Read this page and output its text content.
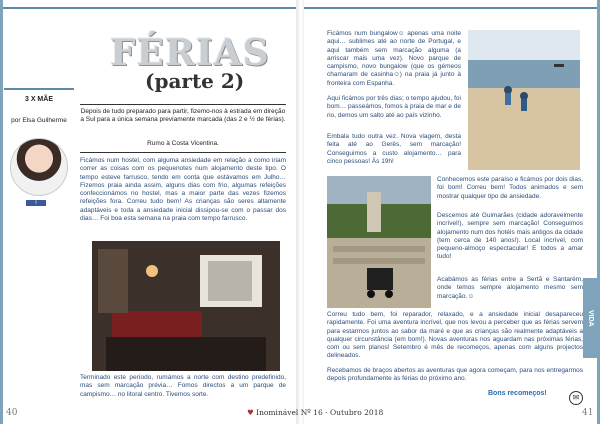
FÉRIAS
(parte 2)
3 X MÃE
por Elsa Guilherme
f
Depois de tudo preparado para partir, fizemo-nos à estrada em direção a Sul para a única semana previamente marcada (das 2 e ½ de férias).
Rumo à Costa Vicentina.
Ficámos num hostel, com alguma ansiedade em relação a como iriam correr as coisas com os pequenotes num alojamento deste tipo. O tempo esteve farrusco, tendo em conta que estávamos em Julho… Fizemos praia ainda assim, alguns dias com frio, algumas refeições confeccionámos no hostel, mas a maior parte das vezes fizemos refeições fora. Correu tudo bem! As crianças são seres altamente adaptáveis e toda a ansiedade inicial dissipou-se com o passar dos dias… Foi boa esta semana na praia com tempo farrusco.
Terminado este período, rumámos a norte com destino predefinido, mas sem marcação prévia… Fomos directos a um parque de campismo… no litoral centro. Tivemos sorte.
40
Ficámos num bungalow☺ apenas uma noite aqui… sublimes até ao norte de Portugal, e aqui também sem marcação alguma (a arriscar mais uma vez). Novo parque de campismo, novo bungalow (que os gémeos chamaram de casinha☺) na praia já junto à fronteira com Espanha.
Aqui ficámos por três dias; o tempo ajudou, foi bom… passeámos, fomos à praia de mar e de rio, demos um salto até ao país vizinho.
Embala tudo outra vez. Nova viagem, desta feita até ao Gerês, sem marcação! Conseguimos a custo alojamento… para cinco pessoas! Às 19h!
Conhecemos este paraíso e ficámos por dois dias, foi bom! Correu bem! Todos animados e sem mostrar qualquer tipo de ansiedade.
Descemos até Guimarães (cidade adoravelmente incrível!), sempre sem marcação! Conseguimos alojamento num dos hotéis mais antigos da cidade (tem cerca de 140 anos!). Local incrível, com pequeno-almoço espectacular! E todos a amar tudo!
Acabámos as férias entre a Sertã e Santarém, onde temos sempre alojamento mesmo sem marcação.☺
Correu tudo bem, foi reparador, relaxado, e a ansiedade inicial desapareceu rapidamente. Foi uma aventura incrível, que nos levou a perceber que as férias servem para estarmos juntos ao sabor da maré e que as crianças são realmente adaptáveis a qualquer circunstância (em bom!). Novas aventuras nos aguardam nas próximas férias, com ou sem planos! Setembro é mês de recomeços, apenas com alguns projectos delineados.
Recebamos de braços abertos as aventuras que agora começam, para nos entregarmos depois profundamente às férias do próximo ano.
Bons recomeços!	✉
VIDA
♥ Inominável Nº 16 - Outubro 2018	41
